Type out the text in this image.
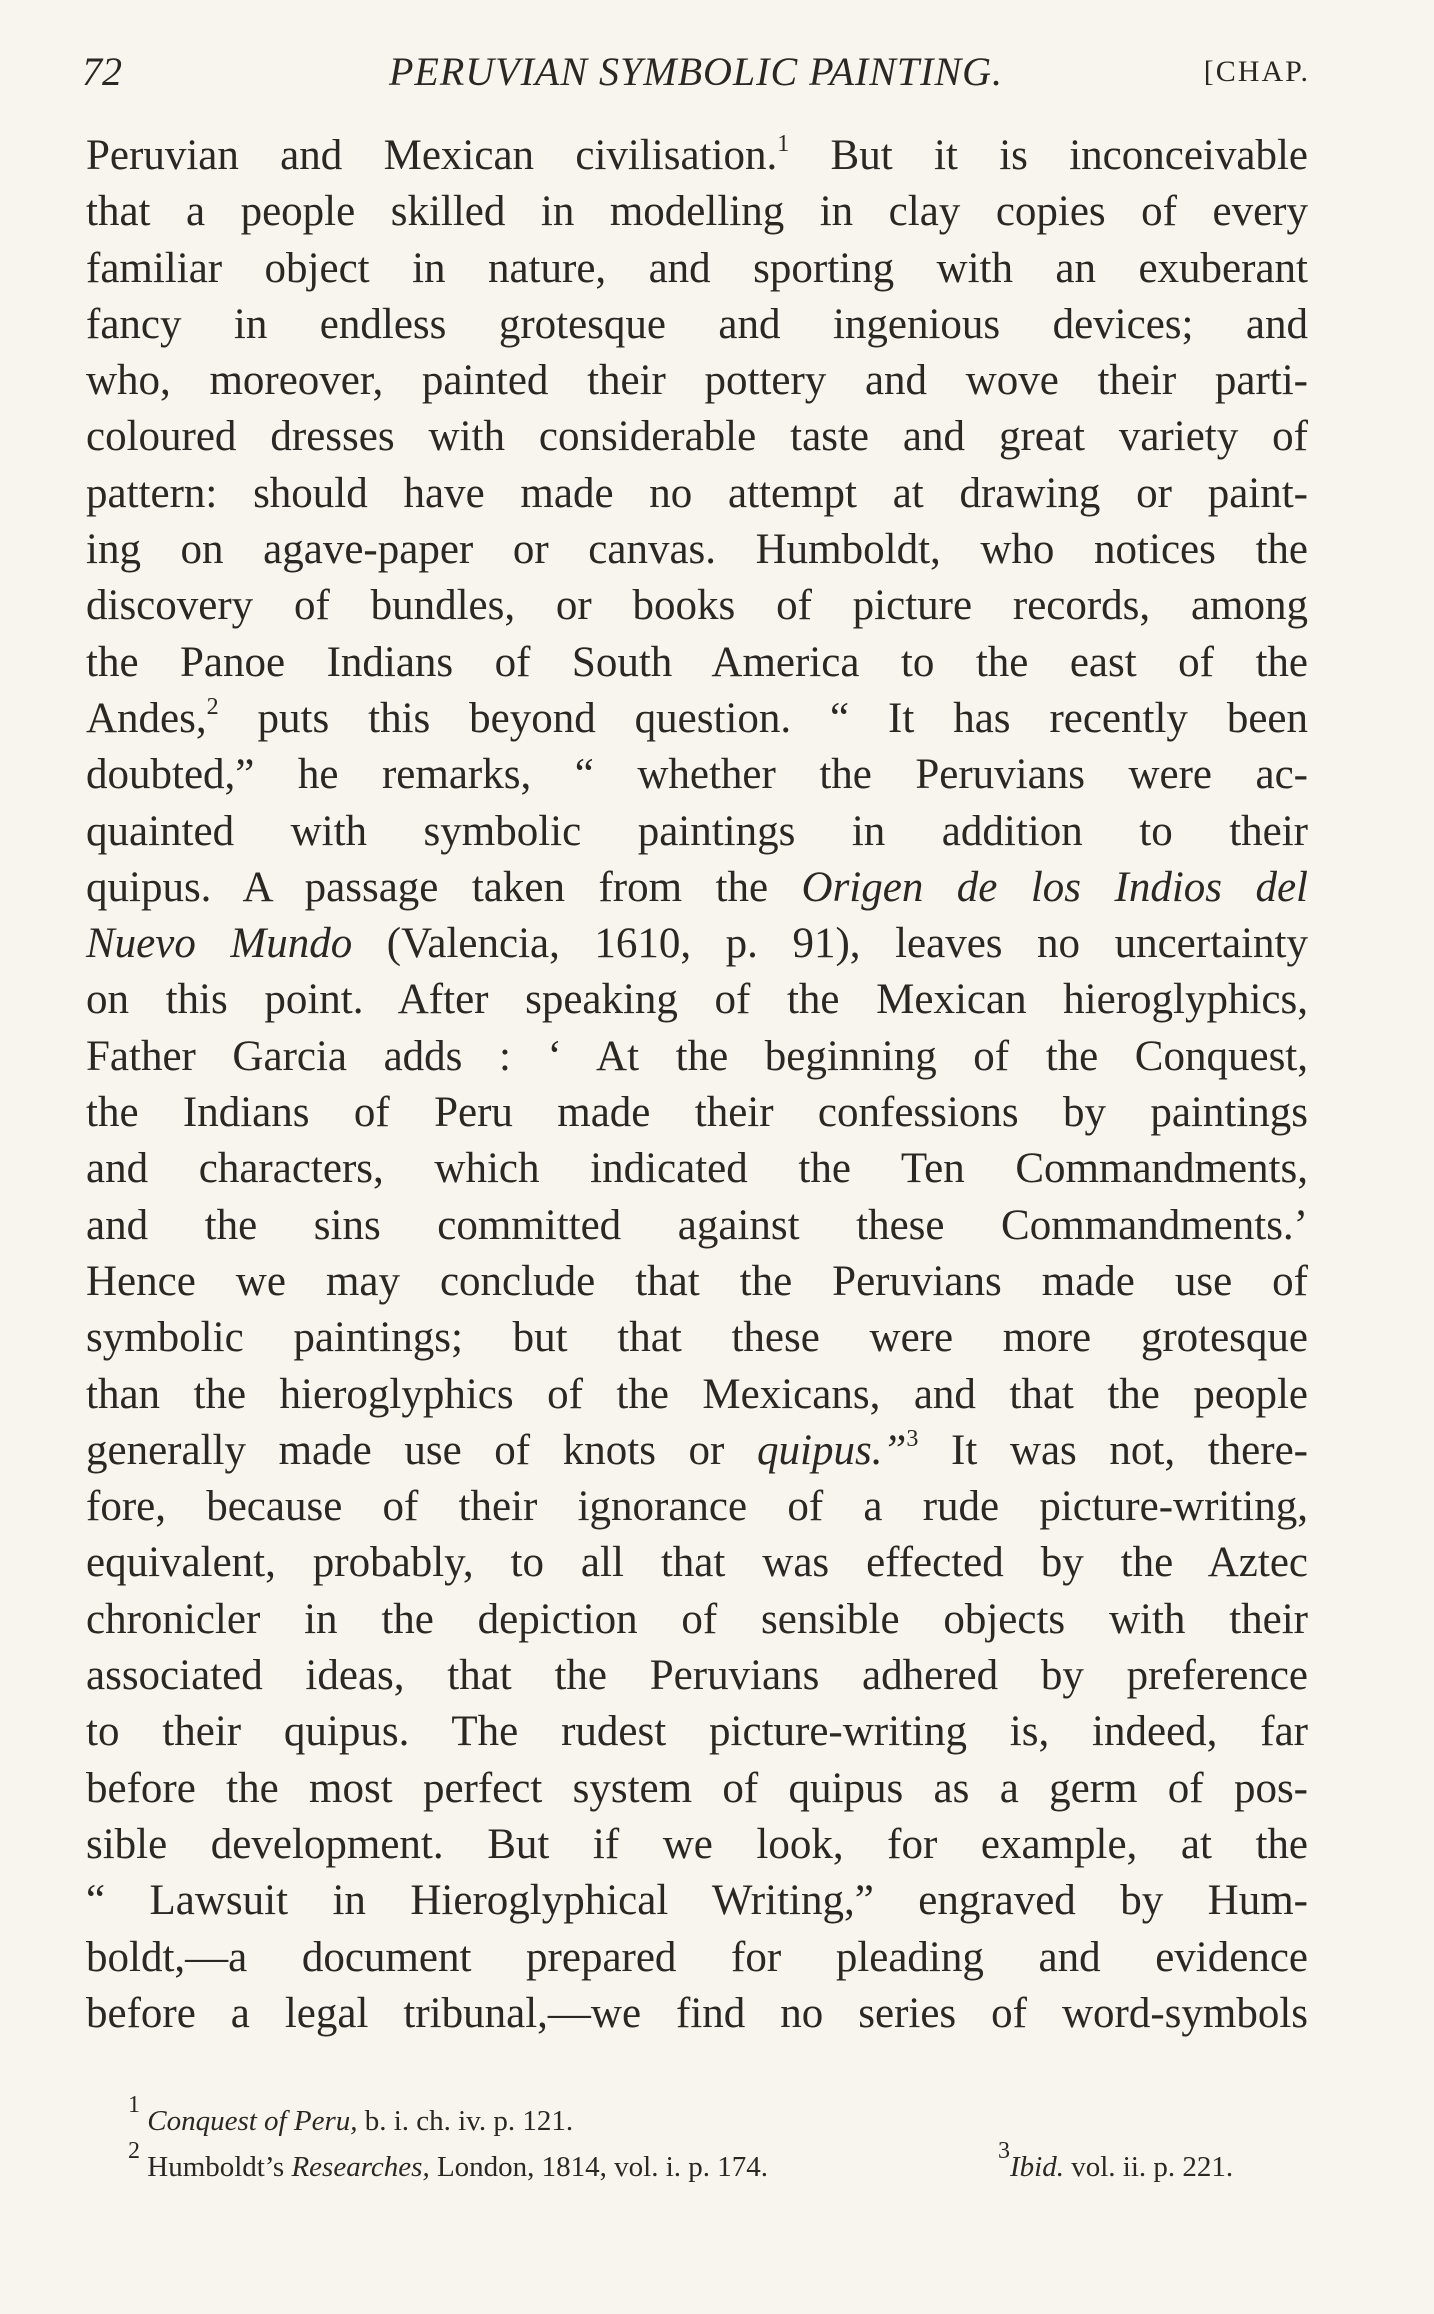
72	PERUVIAN SYMBOLIC PAINTING.	[CHAP.
Peruvian and Mexican civilisation.$^1$ But it is inconceivable
that a people skilled in modelling in clay copies of every
familiar object in nature, and sporting with an exuberant
fancy in endless grotesque and ingenious devices; and
who, moreover, painted their pottery and wove their parti-
coloured dresses with considerable taste and great variety of
pattern: should have made no attempt at drawing or paint-
ing on agave-paper or canvas. Humboldt, who notices the
discovery of bundles, or books of picture records, among
the Panoe Indians of South America to the east of the
Andes,$^2$ puts this beyond question. “ It has recently been
doubted,” he remarks, “ whether the Peruvians were ac-
quainted with symbolic paintings in addition to their
quipus. A passage taken from the Origen de los Indios del
Nuevo Mundo (Valencia, 1610, p. 91), leaves no uncertainty
on this point. After speaking of the Mexican hieroglyphics,
Father Garcia adds : ‘ At the beginning of the Conquest,
the Indians of Peru made their confessions by paintings
and characters, which indicated the Ten Commandments,
and the sins committed against these Commandments.’
Hence we may conclude that the Peruvians made use of
symbolic paintings; but that these were more grotesque
than the hieroglyphics of the Mexicans, and that the people
generally made use of knots or quipus.”$^3$ It was not, there-
fore, because of their ignorance of a rude picture-writing,
equivalent, probably, to all that was effected by the Aztec
chronicler in the depiction of sensible objects with their
associated ideas, that the Peruvians adhered by preference
to their quipus. The rudest picture-writing is, indeed, far
before the most perfect system of quipus as a germ of pos-
sible development. But if we look, for example, at the
“ Lawsuit in Hieroglyphical Writing,” engraved by Hum-
boldt,—a document prepared for pleading and evidence
before a legal tribunal,—we find no series of word-symbols
$^1$ Conquest of Peru, b. i. ch. iv. p. 121.
$^2$ Humboldt’s Researches, London, 1814, vol. i. p. 174.	$^3$Ibid. vol. ii. p. 221.
